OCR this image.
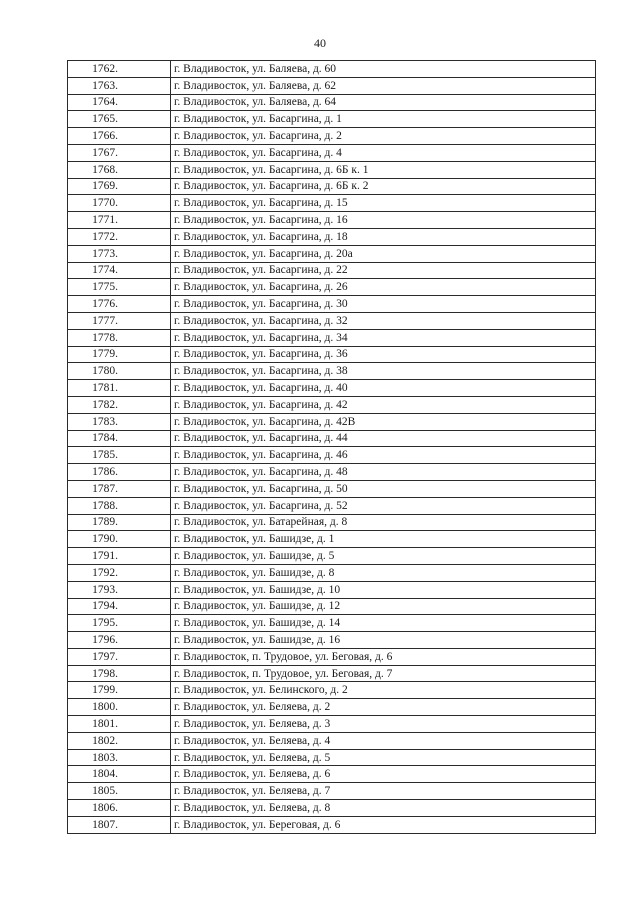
40
1762.	г. Владивосток, ул. Баляева, д. 60
1763.	г. Владивосток, ул. Баляева, д. 62
1764.	г. Владивосток, ул. Баляева, д. 64
1765.	г. Владивосток, ул. Басаргина, д. 1
1766.	г. Владивосток, ул. Басаргина, д. 2
1767.	г. Владивосток, ул. Басаргина, д. 4
1768.	г. Владивосток, ул. Басаргина, д. 6Б к. 1
1769.	г. Владивосток, ул. Басаргина, д. 6Б к. 2
1770.	г. Владивосток, ул. Басаргина, д. 15
1771.	г. Владивосток, ул. Басаргина, д. 16
1772.	г. Владивосток, ул. Басаргина, д. 18
1773.	г. Владивосток, ул. Басаргина, д. 20а
1774.	г. Владивосток, ул. Басаргина, д. 22
1775.	г. Владивосток, ул. Басаргина, д. 26
1776.	г. Владивосток, ул. Басаргина, д. 30
1777.	г. Владивосток, ул. Басаргина, д. 32
1778.	г. Владивосток, ул. Басаргина, д. 34
1779.	г. Владивосток, ул. Басаргина, д. 36
1780.	г. Владивосток, ул. Басаргина, д. 38
1781.	г. Владивосток, ул. Басаргина, д. 40
1782.	г. Владивосток, ул. Басаргина, д. 42
1783.	г. Владивосток, ул. Басаргина, д. 42В
1784.	г. Владивосток, ул. Басаргина, д. 44
1785.	г. Владивосток, ул. Басаргина, д. 46
1786.	г. Владивосток, ул. Басаргина, д. 48
1787.	г. Владивосток, ул. Басаргина, д. 50
1788.	г. Владивосток, ул. Басаргина, д. 52
1789.	г. Владивосток, ул. Батарейная, д. 8
1790.	г. Владивосток, ул. Башидзе, д. 1
1791.	г. Владивосток, ул. Башидзе, д. 5
1792.	г. Владивосток, ул. Башидзе, д. 8
1793.	г. Владивосток, ул. Башидзе, д. 10
1794.	г. Владивосток, ул. Башидзе, д. 12
1795.	г. Владивосток, ул. Башидзе, д. 14
1796.	г. Владивосток, ул. Башидзе, д. 16
1797.	г. Владивосток, п. Трудовое, ул. Беговая, д. 6
1798.	г. Владивосток, п. Трудовое, ул. Беговая, д. 7
1799.	г. Владивосток, ул. Белинского, д. 2
1800.	г. Владивосток, ул. Беляева, д. 2
1801.	г. Владивосток, ул. Беляева, д. 3
1802.	г. Владивосток, ул. Беляева, д. 4
1803.	г. Владивосток, ул. Беляева, д. 5
1804.	г. Владивосток, ул. Беляева, д. 6
1805.	г. Владивосток, ул. Беляева, д. 7
1806.	г. Владивосток, ул. Беляева, д. 8
1807.	г. Владивосток, ул. Береговая, д. 6
